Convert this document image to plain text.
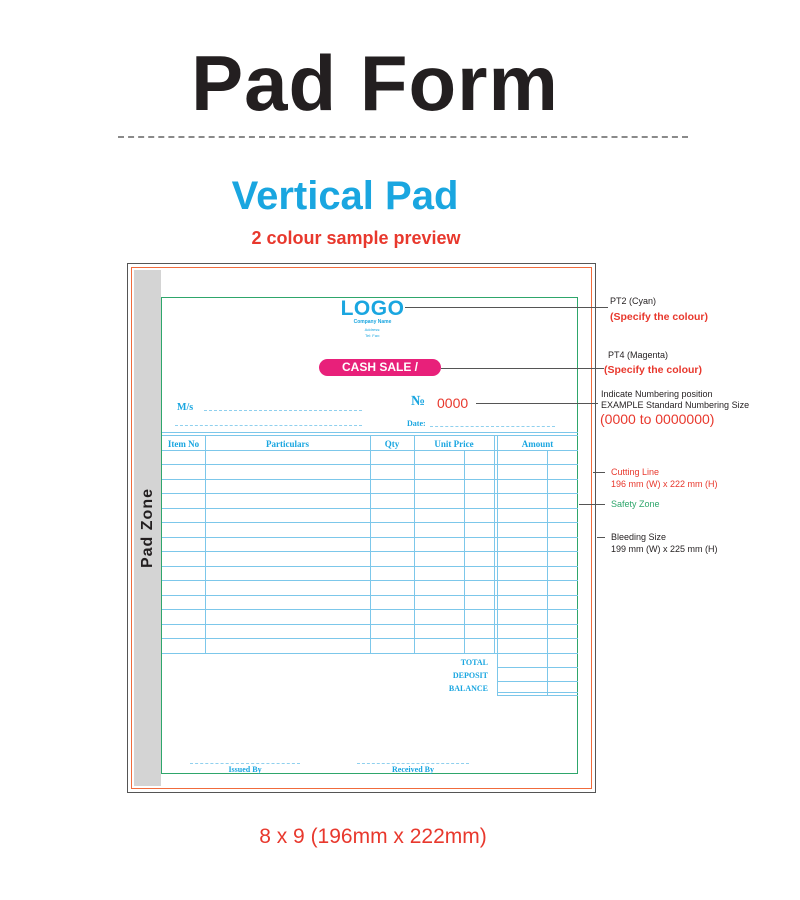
Pad Form
Vertical Pad
2 colour sample preview
Pad Zone
LOGO
Company Name
Address:
Tel: Fax:
CASH SALE / INVOICE
M/s	№ 0000
Date:
Item No	Particulars	Qty	Unit Price	Amount
TOTAL
DEPOSIT
BALANCE
Issued By	Received By
PT2 (Cyan)
(Specify the colour)
PT4 (Magenta)
(Specify the colour)
Indicate Numbering position
EXAMPLE Standard Numbering Size
(0000 to 0000000)
Cutting Line
196 mm (W) x 222 mm (H)
Safety Zone
Bleeding Size
199 mm (W) x 225 mm (H)
8 x 9 (196mm x 222mm)
